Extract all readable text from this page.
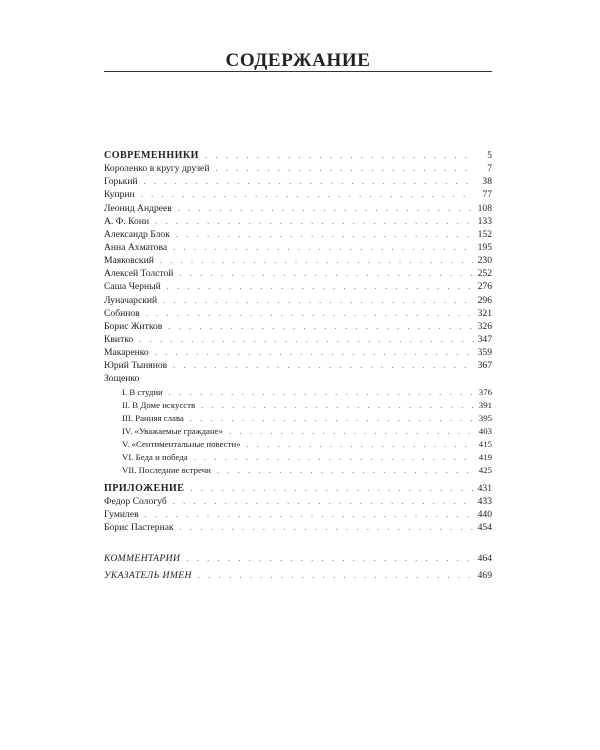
СОДЕРЖАНИЕ
СОВРЕМЕННИКИ . . .	5
Короленко в кругу друзей . . .	7
Горький . . .	38
Куприн . . .	77
Леонид Андреев . . .	108
А. Ф. Кони . . .	133
Александр Блок . . .	152
Анна Ахматова . . .	195
Маяковский . . .	230
Алексей Толстой . . .	252
Саша Черный . . .	276
Луначарский . . .	296
Собинов . . .	321
Борис Житков . . .	326
Квитко . . .	347
Макаренко . . .	359
Юрий Тынянов . . .	367
Зощенко
I. В студии . . .	376
II. В Доме искусств . . .	391
III. Ранняя слава . . .	395
IV. «Уважаемые граждане» . . .	403
V. «Сентиментальные повести» . . .	415
VI. Беда и победа . . .	419
VII. Последние встречи . . .	425
ПРИЛОЖЕНИЕ . . .	431
Федор Сологуб . . .	433
Гумилев . . .	440
Борис Пастернак . . .	454
КОММЕНТАРИИ . . .	464
УКАЗАТЕЛЬ ИМЕН . . .	469
